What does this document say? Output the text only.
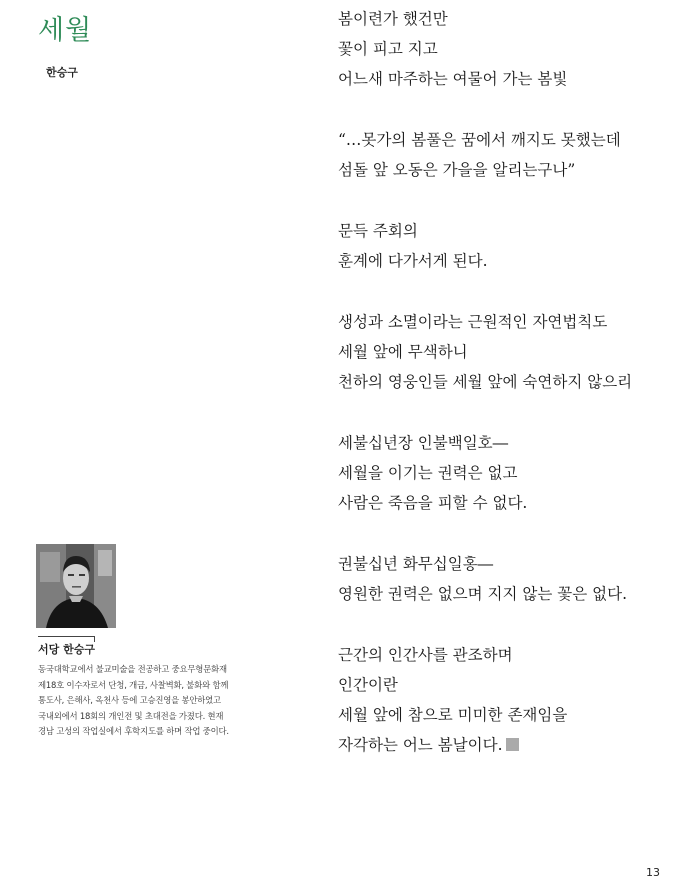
세월
한승구
봄이련가 했건만
꽃이 피고 지고
어느새 마주하는 여물어 가는 봄빛
“…못가의 봄풀은 꿈에서 깨지도 못했는데
섬돌 앞 오동은 가을을 알리는구나”
문득 주회의
훈계에 다가서게 된다.
생성과 소멸이라는 근원적인 자연법칙도
세월 앞에 무색하니
천하의 영웅인들 세월 앞에 숙연하지 않으리
세불십년장 인불백일호―
세월을 이기는 권력은 없고
사람은 죽음을 피할 수 없다.
권불십년 화무십일홍―
영원한 권력은 없으며 지지 않는 꽃은 없다.
근간의 인간사를 관조하며
인간이란
세월 앞에 참으로 미미한 존재임을
자각하는 어느 봄날이다.
서당 한승구
동국대학교에서 불교미술을 전공하고 중요무형문화재
제18호 이수자로서 단청, 개금, 사찰벽화, 불화와 함께
통도사, 은해사, 옥천사 등에 고승진영을 봉안하였고
국내외에서 18회의 개인전 및 초대전을 가졌다. 현재
경남 고성의 작업실에서 후학지도를 하며 작업 중이다.
13
